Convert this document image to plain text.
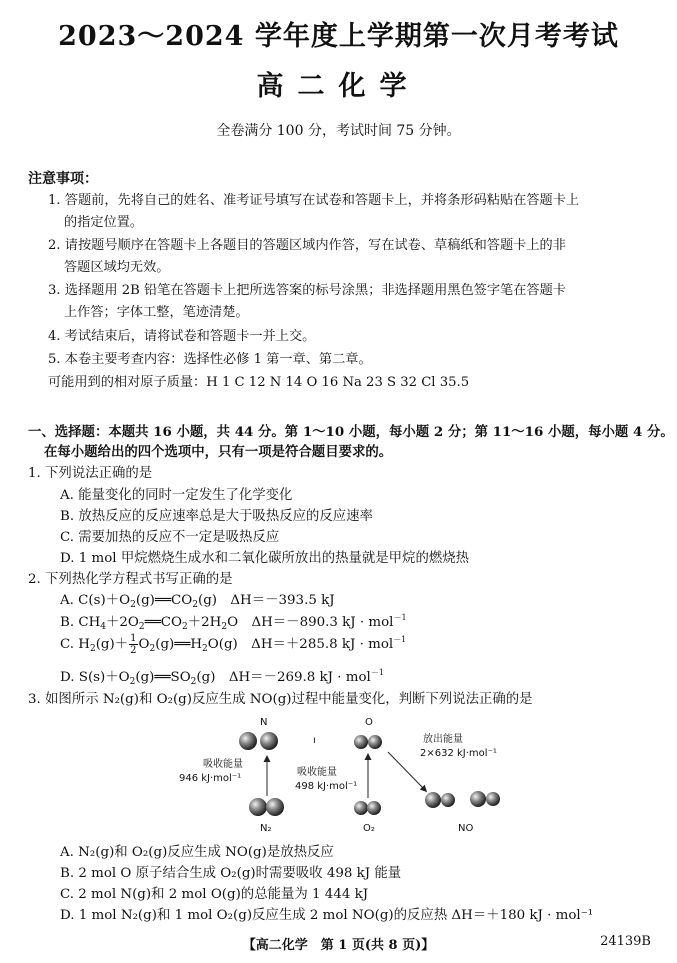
2023～2024 学年度上学期第一次月考考试
高二化学
全卷满分 100 分，考试时间 75 分钟。
注意事项：
1. 答题前，先将自己的姓名、准考证号填写在试卷和答题卡上，并将条形码粘贴在答题卡上
的指定位置。
2. 请按题号顺序在答题卡上各题目的答题区域内作答，写在试卷、草稿纸和答题卡上的非
答题区域均无效。
3. 选择题用 2B 铅笔在答题卡上把所选答案的标号涂黑；非选择题用黑色签字笔在答题卡
上作答；字体工整，笔迹清楚。
4. 考试结束后，请将试卷和答题卡一并上交。
5. 本卷主要考查内容：选择性必修 1 第一章、第二章。
可能用到的相对原子质量：H 1 C 12 N 14 O 16 Na 23 S 32 Cl 35.5
一、选择题：本题共 16 小题，共 44 分。第 1～10 小题，每小题 2 分；第 11～16 小题，每小题 4 分。
在每小题给出的四个选项中，只有一项是符合题目要求的。
1. 下列说法正确的是
A. 能量变化的同时一定发生了化学变化
B. 放热反应的反应速率总是大于吸热反应的反应速率
C. 需要加热的反应不一定是吸热反应
D. 1 mol 甲烷燃烧生成水和二氧化碳所放出的热量就是甲烷的燃烧热
2. 下列热化学方程式书写正确的是
A. $C(s)+O_2(g)══CO_2(g)$　ΔH＝－393.5 kJ
B. $CH_4+2O_2══CO_2+2H_2O$　ΔH＝－890.3 kJ · mol$^{-1}$
C. $H_2(g)+ \frac{1}{2}$ $O_2(g)══H_2O(g)$　ΔH＝＋285.8 kJ · mol$^{-1}$
D. $S(s)+O_2(g)══SO_2(g)$　ΔH＝－269.8 kJ · mol$^{-1}$
3. 如图所示 N₂(g)和 O₂(g)反应生成 NO(g)过程中能量变化，判断下列说法正确的是
N
N₂
吸收能量
946 kJ·mol⁻¹
ı
O
O₂
吸收能量
498 kJ·mol⁻¹
放出能量
2×632 kJ·mol⁻¹
NO
A. N₂(g)和 O₂(g)反应生成 NO(g)是放热反应
B. 2 mol O 原子结合生成 O₂(g)时需要吸收 498 kJ 能量
C. 2 mol N(g)和 2 mol O(g)的总能量为 1 444 kJ
D. 1 mol N₂(g)和 1 mol O₂(g)反应生成 2 mol NO(g)的反应热 ΔH＝＋180 kJ · mol⁻¹
【高二化学　第 1 页(共 8 页)】	24139B
